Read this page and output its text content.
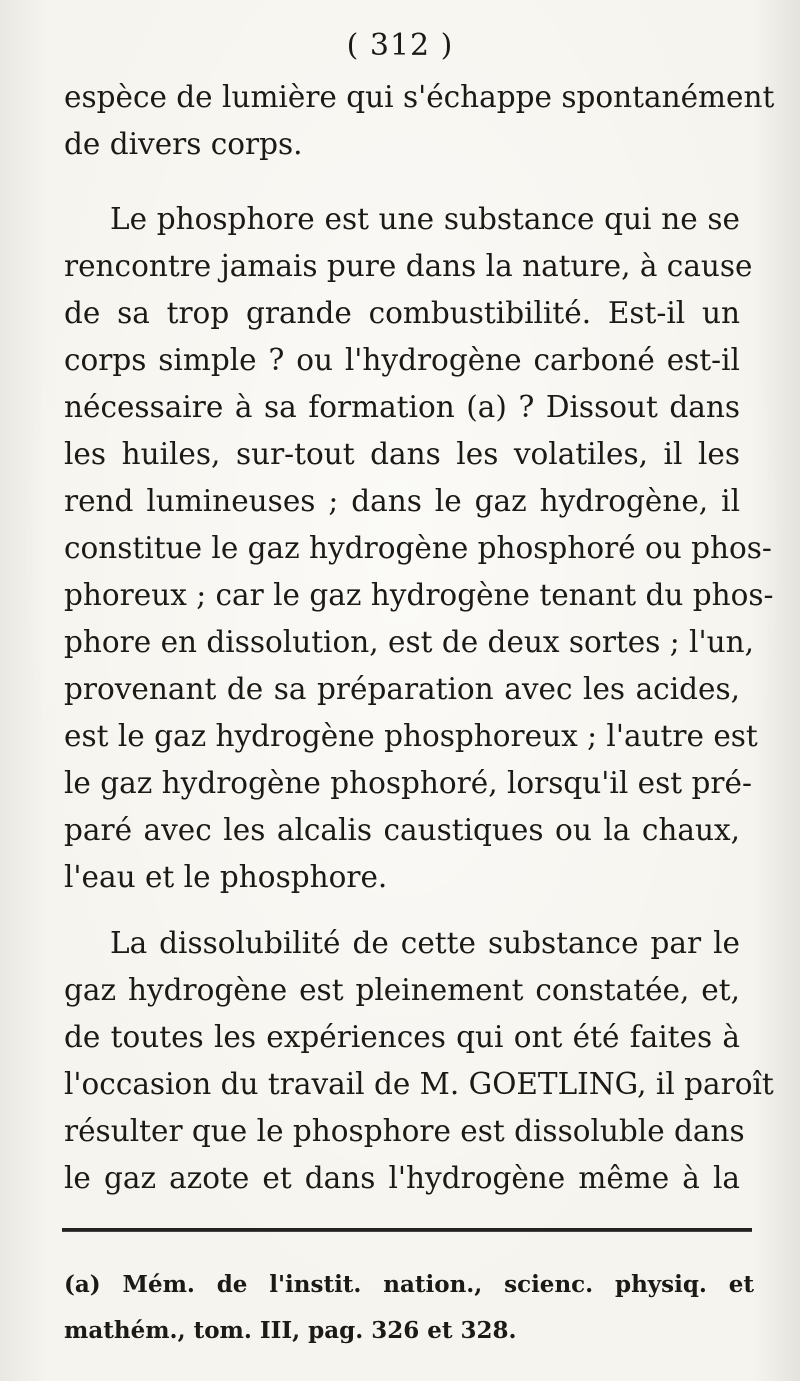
( 312 )
espèce de lumière qui s'échappe spontanément
de divers corps.
Le phosphore est une substance qui ne se
rencontre jamais pure dans la nature, à cause
de sa trop grande combustibilité. Est-il un
corps simple ? ou l'hydrogène carboné est-il
nécessaire à sa formation (a) ? Dissout dans
les huiles, sur-tout dans les volatiles, il les
rend lumineuses ; dans le gaz hydrogène, il
constitue le gaz hydrogène phosphoré ou phos-
phoreux ; car le gaz hydrogène tenant du phos-
phore en dissolution, est de deux sortes ; l'un,
provenant de sa préparation avec les acides,
est le gaz hydrogène phosphoreux ; l'autre est
le gaz hydrogène phosphoré, lorsqu'il est pré-
paré avec les alcalis caustiques ou la chaux,
l'eau et le phosphore.
La dissolubilité de cette substance par le
gaz hydrogène est pleinement constatée, et,
de toutes les expériences qui ont été faites à
l'occasion du travail de M. GOETLING, il paroît
résulter que le phosphore est dissoluble dans
le gaz azote et dans l'hydrogène même à la
(a) Mém. de l'instit. nation., scienc. physiq. et
mathém., tom. III, pag. 326 et 328.
